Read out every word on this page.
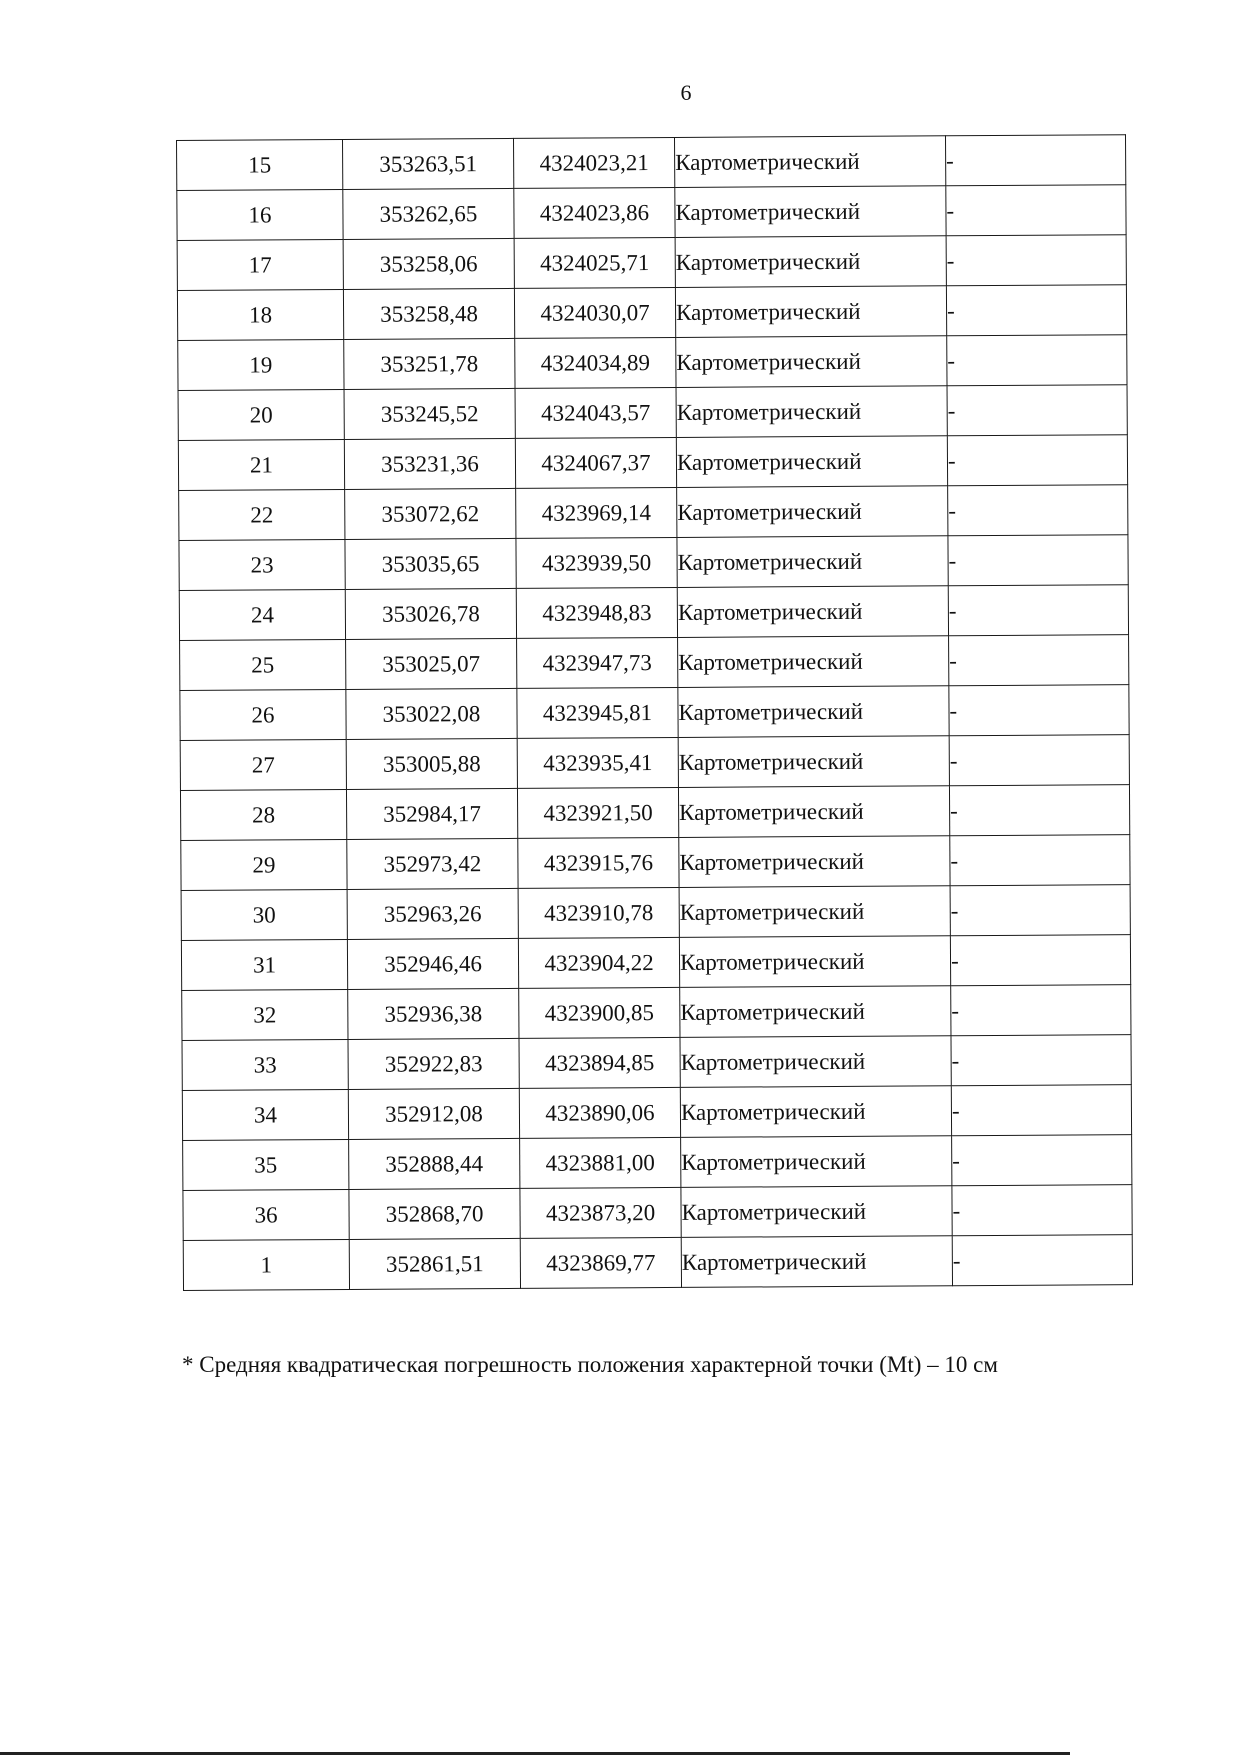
6
15	353263,51	4324023,21	Картометрический	-
16	353262,65	4324023,86	Картометрический	-
17	353258,06	4324025,71	Картометрический	-
18	353258,48	4324030,07	Картометрический	-
19	353251,78	4324034,89	Картометрический	-
20	353245,52	4324043,57	Картометрический	-
21	353231,36	4324067,37	Картометрический	-
22	353072,62	4323969,14	Картометрический	-
23	353035,65	4323939,50	Картометрический	-
24	353026,78	4323948,83	Картометрический	-
25	353025,07	4323947,73	Картометрический	-
26	353022,08	4323945,81	Картометрический	-
27	353005,88	4323935,41	Картометрический	-
28	352984,17	4323921,50	Картометрический	-
29	352973,42	4323915,76	Картометрический	-
30	352963,26	4323910,78	Картометрический	-
31	352946,46	4323904,22	Картометрический	-
32	352936,38	4323900,85	Картометрический	-
33	352922,83	4323894,85	Картометрический	-
34	352912,08	4323890,06	Картометрический	-
35	352888,44	4323881,00	Картометрический	-
36	352868,70	4323873,20	Картометрический	-
1	352861,51	4323869,77	Картометрический	-
* Средняя квадратическая погрешность положения характерной точки (Mt) – 10 см
